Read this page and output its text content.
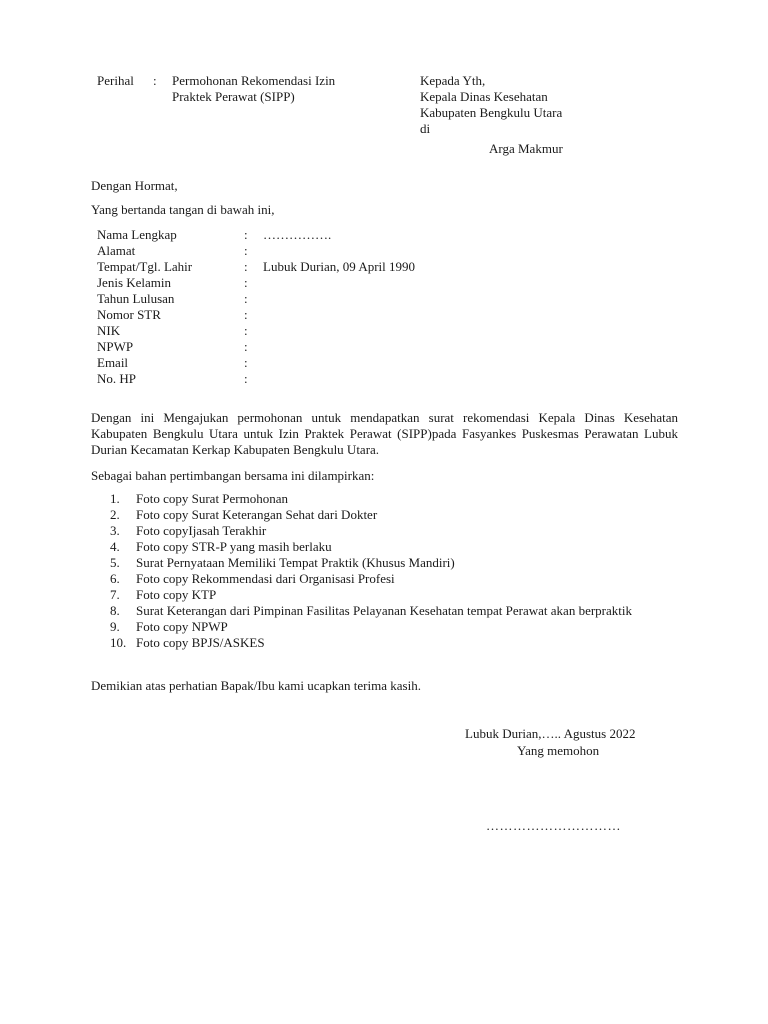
Perihal	: Permohonan Rekomendasi Izin Praktek Perawat (SIPP)
Kepada Yth,
Kepala Dinas Kesehatan
Kabupaten Bengkulu Utara
di
Arga Makmur
Dengan Hormat,
Yang bertanda tangan di bawah ini,
Nama Lengkap	: …………….
Alamat	:
Tempat/Tgl. Lahir	: Lubuk Durian, 09 April 1990
Jenis Kelamin	:
Tahun Lulusan	:
Nomor STR	:
NIK	:
NPWP	:
Email	:
No. HP	:
Dengan ini Mengajukan permohonan untuk mendapatkan surat rekomendasi Kepala Dinas Kesehatan Kabupaten Bengkulu Utara untuk Izin Praktek Perawat (SIPP)pada Fasyankes Puskesmas Perawatan Lubuk Durian Kecamatan Kerkap Kabupaten Bengkulu Utara.
Sebagai bahan pertimbangan bersama ini dilampirkan:
1. Foto copy Surat Permohonan
2. Foto copy Surat Keterangan Sehat dari Dokter
3. Foto copyIjasah Terakhir
4. Foto copy STR-P yang masih berlaku
5. Surat Pernyataan Memiliki Tempat Praktik (Khusus Mandiri)
6. Foto copy Rekommendasi dari Organisasi Profesi
7. Foto copy KTP
8. Surat Keterangan dari Pimpinan Fasilitas Pelayanan Kesehatan tempat Perawat akan berpraktik
9. Foto copy NPWP
10. Foto copy BPJS/ASKES
Demikian atas perhatian Bapak/Ibu kami ucapkan terima kasih.
Lubuk Durian,….. Agustus 2022
Yang memohon
…………………………
